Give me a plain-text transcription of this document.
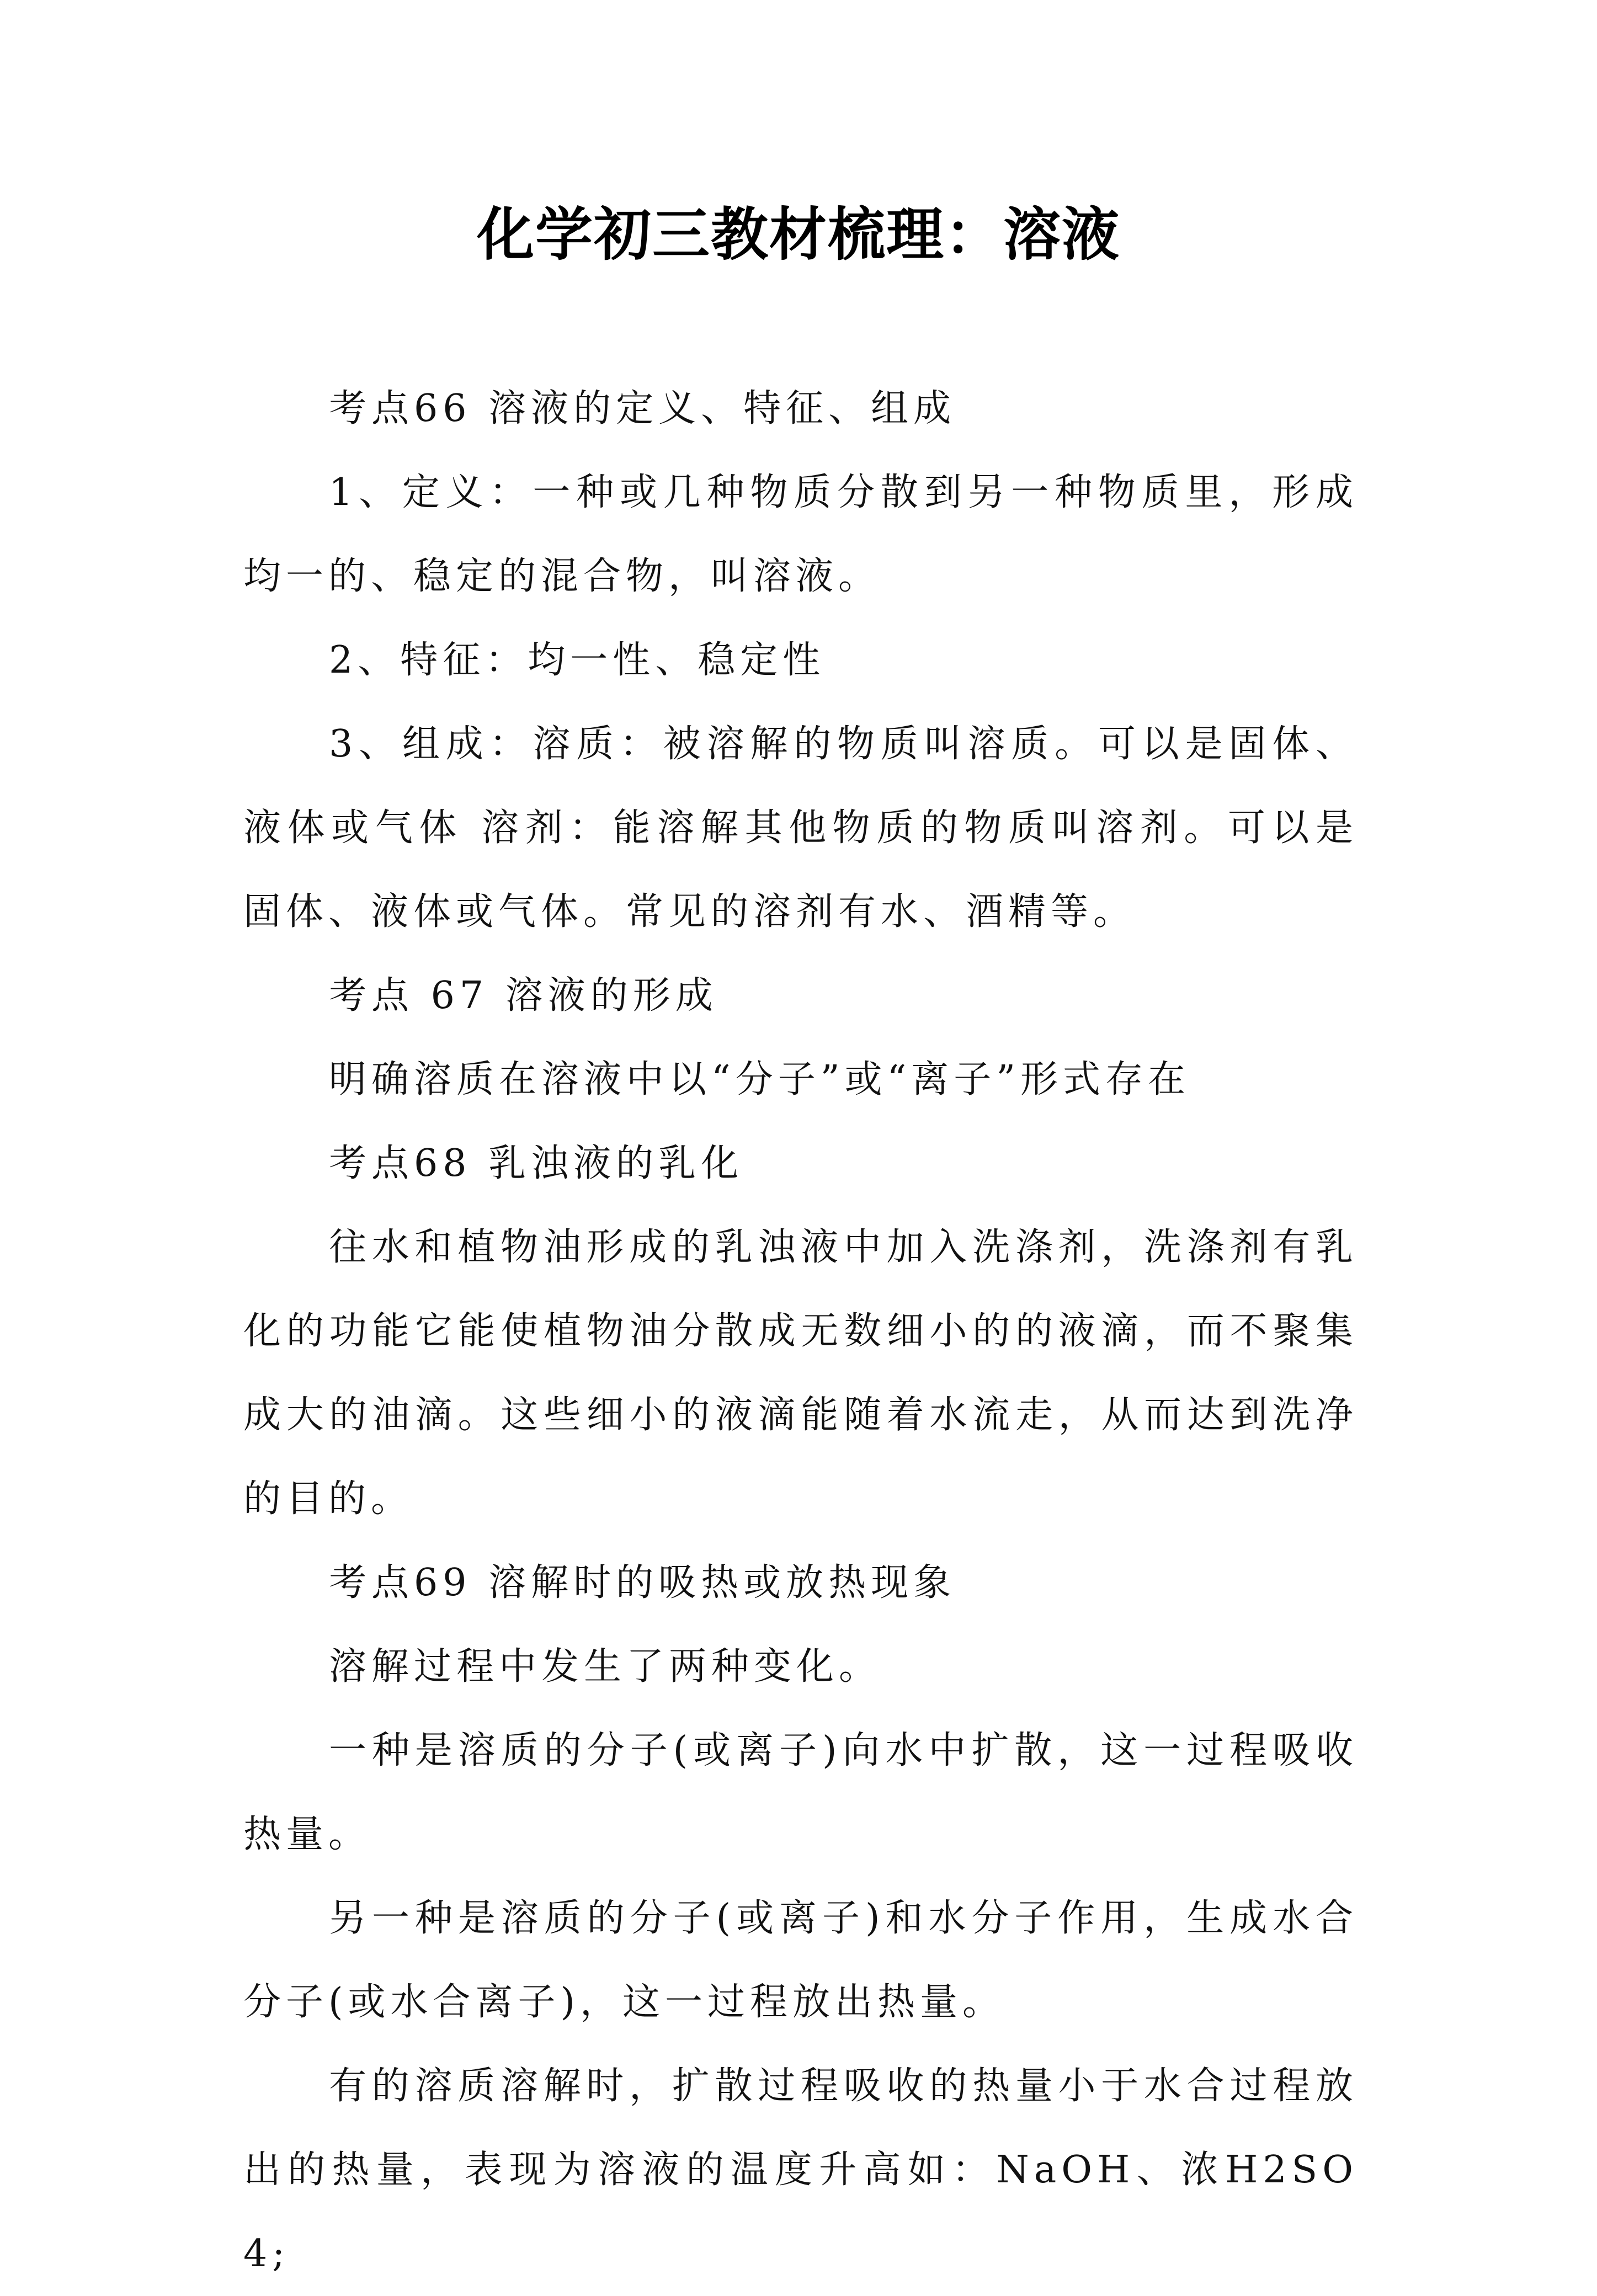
化学初三教材梳理：溶液

考点66 溶液的定义、特征、组成

1、定义：一种或几种物质分散到另一种物质里，形成均一的、稳定的混合物，叫溶液。

2、特征：均一性、稳定性

3、组成：溶质：被溶解的物质叫溶质。可以是固体、液体或气体 溶剂：能溶解其他物质的物质叫溶剂。可以是固体、液体或气体。常见的溶剂有水、酒精等。

考点 67 溶液的形成

明确溶质在溶液中以“分子”或“离子”形式存在

考点68 乳浊液的乳化

往水和植物油形成的乳浊液中加入洗涤剂，洗涤剂有乳化的功能它能使植物油分散成无数细小的的液滴，而不聚集成大的油滴。这些细小的液滴能随着水流走，从而达到洗净的目的。

考点69 溶解时的吸热或放热现象

溶解过程中发生了两种变化。

一种是溶质的分子(或离子)向水中扩散，这一过程吸收热量。

另一种是溶质的分子(或离子)和水分子作用，生成水合分子(或水合离子)，这一过程放出热量。

有的溶质溶解时，扩散过程吸收的热量小于水合过程放出的热量，表现为溶液的温度升高如：NaOH、浓H2SO4;
